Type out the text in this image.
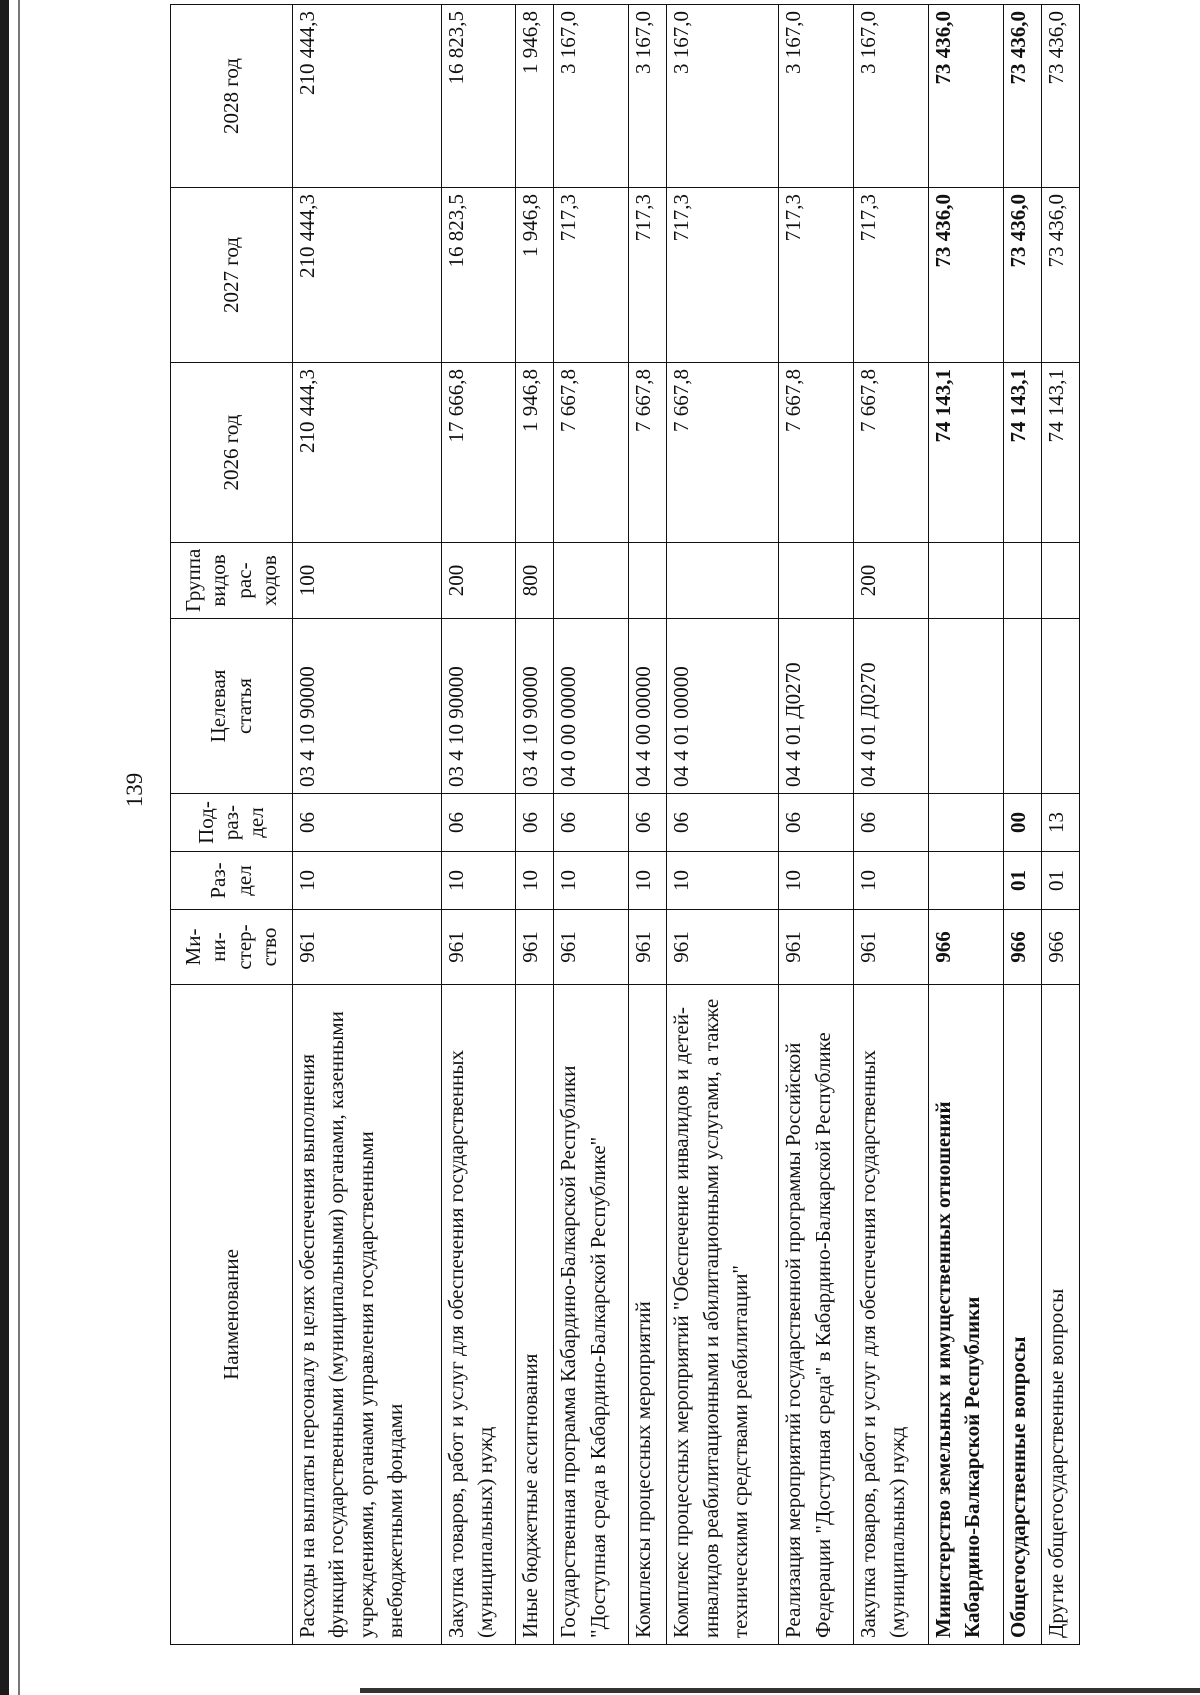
139
Наименование	Ми-
ни-
стер-
ство	Раз-
дел	Под-
раз-
дел	Целевая
статья	Группа
видов
рас-
ходов	2026 год	2027 год	2028 год
Расходы на выплаты персоналу в целях обеспечения выполнения функций государственными (муниципальными) органами, казенными учреждениями, органами управления государственными внебюджетными фондами	961	10	06	03 4 10 90000	100	210 444,3	210 444,3	210 444,3
Закупка товаров, работ и услуг для обеспечения государственных (муниципальных) нужд	961	10	06	03 4 10 90000	200	17 666,8	16 823,5	16 823,5
Иные бюджетные ассигнования	961	10	06	03 4 10 90000	800	1 946,8	1 946,8	1 946,8
Государственная программа Кабардино-Балкарской Республики "Доступная среда в Кабардино-Балкарской Республике"	961	10	06	04 0 00 00000		7 667,8	717,3	3 167,0
Комплексы процессных мероприятий	961	10	06	04 4 00 00000		7 667,8	717,3	3 167,0
Комплекс процессных мероприятий "Обеспечение инвалидов и детей-инвалидов реабилитационными и абилитационными услугами, а также техническими средствами реабилитации"	961	10	06	04 4 01 00000		7 667,8	717,3	3 167,0
Реализация мероприятий государственной программы Российской Федерации "Доступная среда" в Кабардино-Балкарской Республике	961	10	06	04 4 01 Д0270		7 667,8	717,3	3 167,0
Закупка товаров, работ и услуг для обеспечения государственных (муниципальных) нужд	961	10	06	04 4 01 Д0270	200	7 667,8	717,3	3 167,0
Министерство земельных и имущественных отношений Кабардино-Балкарской Республики	966					74 143,1	73 436,0	73 436,0
Общегосударственные вопросы	966	01	00			74 143,1	73 436,0	73 436,0
Другие общегосударственные вопросы	966	01	13			74 143,1	73 436,0	73 436,0
